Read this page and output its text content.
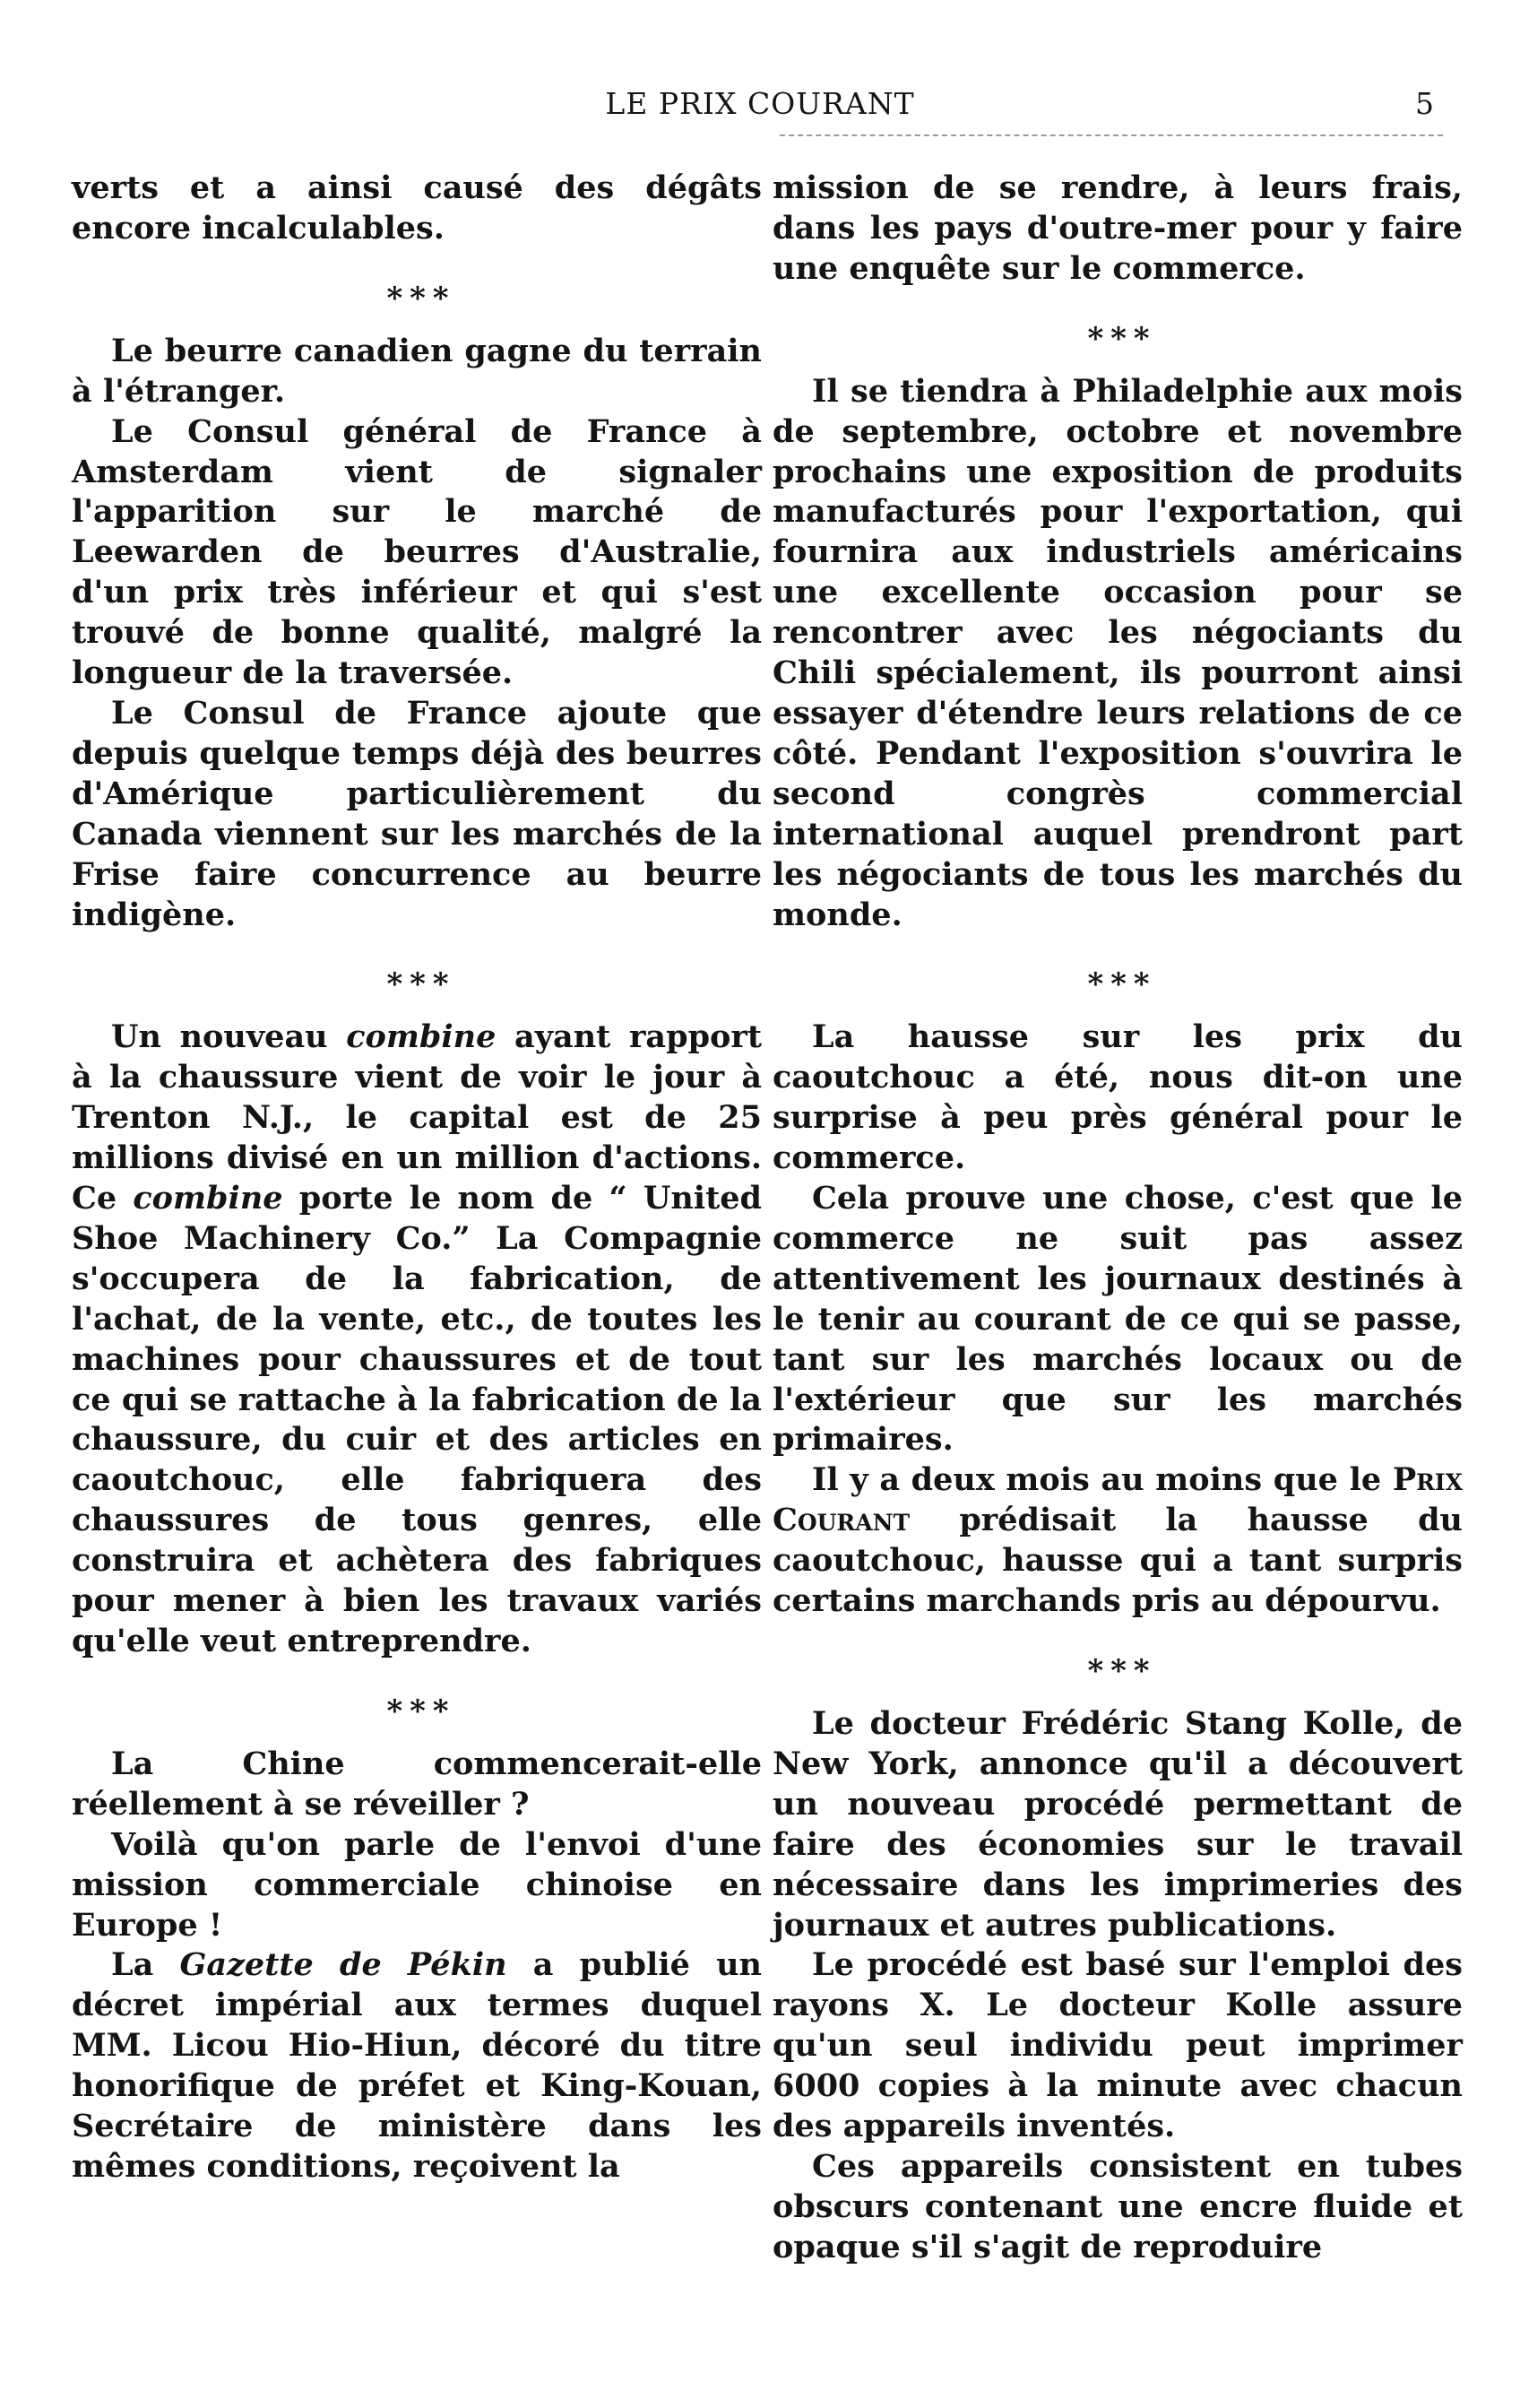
LE PRIX COURANT	5

verts et a ainsi causé des dégâts encore incalculables.

* * *

Le beurre canadien gagne du terrain à l'étranger.

Le Consul général de France à Amsterdam vient de signaler l'apparition sur le marché de Leewarden de beurres d'Australie, d'un prix très inférieur et qui s'est trouvé de bonne qualité, malgré la longueur de la traversée.

Le Consul de France ajoute que depuis quelque temps déjà des beurres d'Amérique particulièrement du Canada viennent sur les marchés de la Frise faire concurrence au beurre indigène.

* * *

Un nouveau combine ayant rapport à la chaussure vient de voir le jour à Trenton N.J., le capital est de 25 millions divisé en un million d'actions. Ce combine porte le nom de “ United Shoe Machinery Co.” La Compagnie s'occupera de la fabrication, de l'achat, de la vente, etc., de toutes les machines pour chaussures et de tout ce qui se rattache à la fabrication de la chaussure, du cuir et des articles en caoutchouc, elle fabriquera des chaussures de tous genres, elle construira et achètera des fabriques pour mener à bien les travaux variés qu'elle veut entreprendre.

* * *

La Chine commencerait-elle réellement à se réveiller ?

Voilà qu'on parle de l'envoi d'une mission commerciale chinoise en Europe !

La Gazette de Pékin a publié un décret impérial aux termes duquel MM. Licou Hio-Hiun, décoré du titre honorifique de préfet et King-Kouan, Secrétaire de ministère dans les mêmes conditions, reçoivent la

mission de se rendre, à leurs frais, dans les pays d'outre-mer pour y faire une enquête sur le commerce.

* * *

Il se tiendra à Philadelphie aux mois de septembre, octobre et novembre prochains une exposition de produits manufacturés pour l'exportation, qui fournira aux industriels américains une excellente occasion pour se rencontrer avec les négociants du Chili spécialement, ils pourront ainsi essayer d'étendre leurs relations de ce côté. Pendant l'exposition s'ouvrira le second congrès commercial international auquel prendront part les négociants de tous les marchés du monde.

* * *

La hausse sur les prix du caoutchouc a été, nous dit-on une surprise à peu près général pour le commerce.

Cela prouve une chose, c'est que le commerce ne suit pas assez attentivement les journaux destinés à le tenir au courant de ce qui se passe, tant sur les marchés locaux ou de l'extérieur que sur les marchés primaires.

Il y a deux mois au moins que le Prix Courant prédisait la hausse du caoutchouc, hausse qui a tant surpris certains marchands pris au dépourvu.

* * *

Le docteur Frédéric Stang Kolle, de New York, annonce qu'il a découvert un nouveau procédé permettant de faire des économies sur le travail nécessaire dans les imprimeries des journaux et autres publications.

Le procédé est basé sur l'emploi des rayons X. Le docteur Kolle assure qu'un seul individu peut imprimer 6000 copies à la minute avec chacun des appareils inventés.

Ces appareils consistent en tubes obscurs contenant une encre fluide et opaque s'il s'agit de reproduire
